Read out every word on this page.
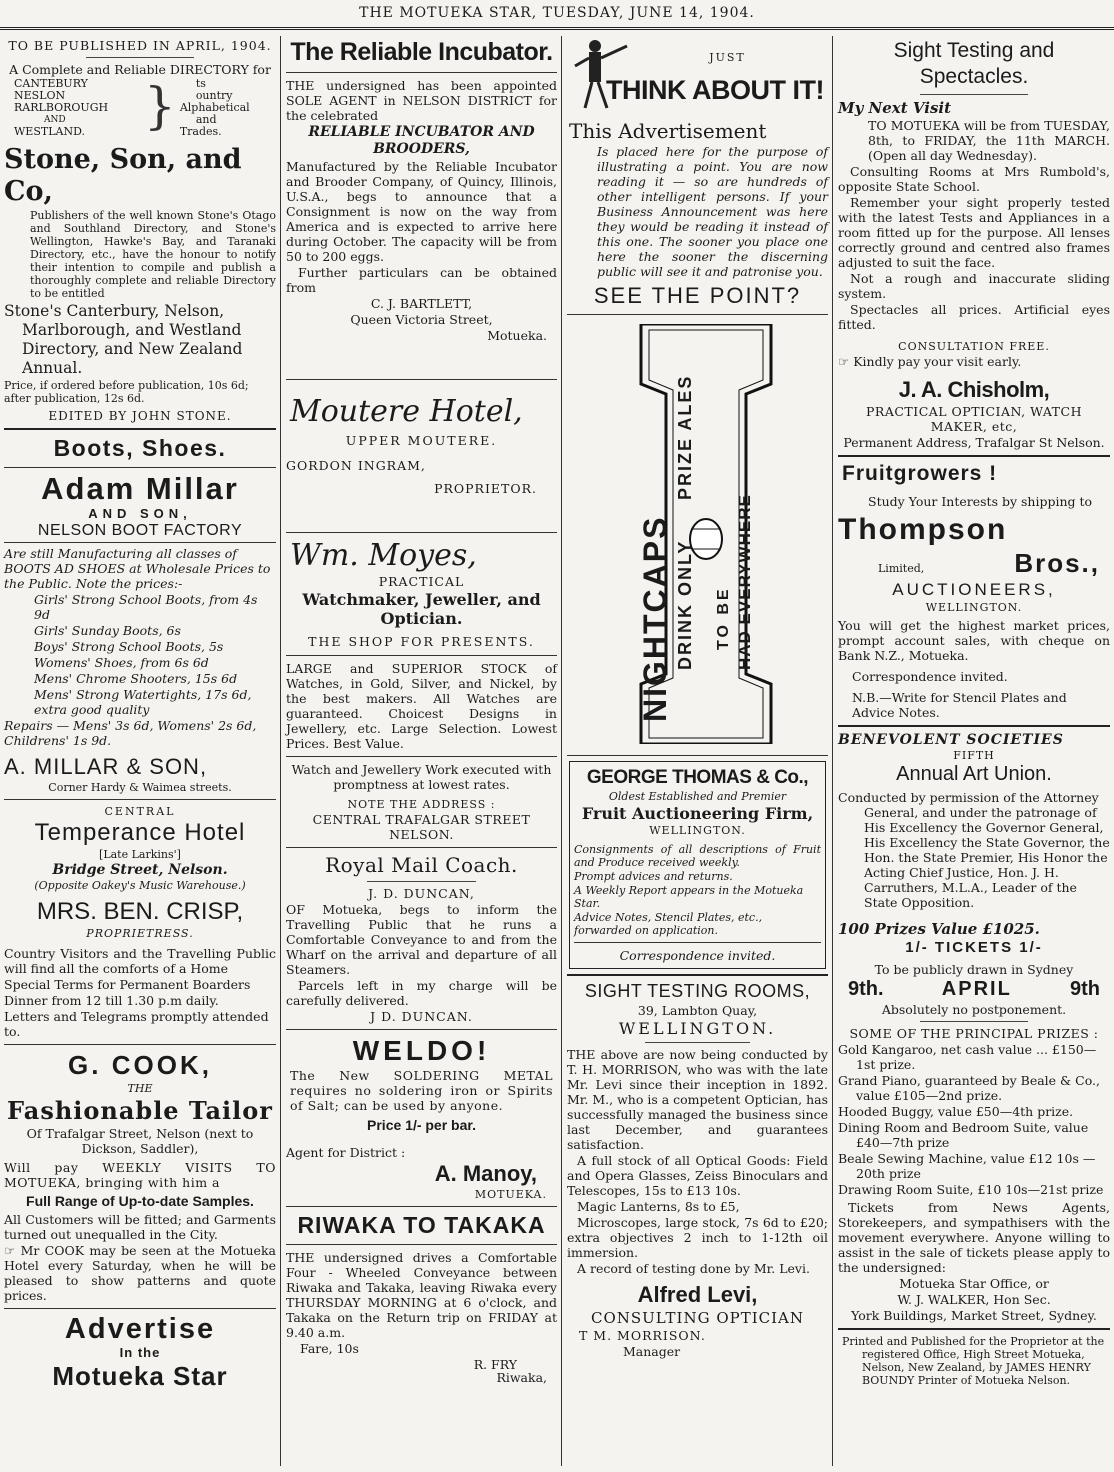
THE MOTUEKA STAR, TUESDAY, JUNE 14, 1904.

TO BE PUBLISHED IN APRIL, 1904.

A Complete and Reliable DIRECTORY for

CANTEBURY
NESLON
RARLBOROUGH
AND
WESTLAND.	}	ts
ountry
Alphabetical
and
Trades.

Stone, Son, and Co,

Publishers of the well known Stone's Otago and Southland Directory, and Stone's Wellington, Hawke's Bay, and Taranaki Directory, etc., have the honour to notify their intention to compile and publish a thoroughly complete and reliable Directory to be entitled

Stone's Canterbury, Nelson, Marlborough, and Westland Directory, and New Zealand Annual.

Price, if ordered before publication, 10s 6d; after publication, 12s 6d.

EDITED BY JOHN STONE.

Boots, Shoes.

Adam Millar

AND SON,

NELSON BOOT FACTORY

Are still Manufacturing all classes of BOOTS AD SHOES at Wholesale Prices to the Public. Note the prices:-

Girls' Strong School Boots, from 4s 9d

Girls' Sunday Boots, 6s

Boys' Strong School Boots, 5s

Womens' Shoes, from 6s 6d

Mens' Chrome Shooters, 15s 6d

Mens' Strong Watertights, 17s 6d, extra good quality

Repairs — Mens' 3s 6d, Womens' 2s 6d, Childrens' 1s 9d.

A. MILLAR & SON,

Corner Hardy & Waimea streets.

CENTRAL

Temperance Hotel

[Late Larkins']

Bridge Street, Nelson.

(Opposite Oakey's Music Warehouse.)

MRS. BEN. CRISP,

PROPRIETRESS.

Country Visitors and the Travelling Public will find all the comforts of a Home

Special Terms for Permanent Boarders

Dinner from 12 till 1.30 p.m daily.

Letters and Telegrams promptly attended to.

G. COOK,

THE

Fashionable Tailor

Of Trafalgar Street, Nelson (next to Dickson, Saddler),

Will pay WEEKLY VISITS TO MOTUEKA, bringing with him a

Full Range of Up-to-date Samples.

All Customers will be fitted; and Garments turned out unequalled in the City.

☞ Mr COOK may be seen at the Motueka Hotel every Saturday, when he will be pleased to show patterns and quote prices.

Advertise

In the

Motueka Star

The Reliable Incubator.

THE undersigned has been appointed SOLE AGENT in NELSON DISTRICT for the celebrated

RELIABLE INCUBATOR AND BROODERS,

Manufactured by the Reliable Incubator and Brooder Company, of Quincy, Illinois, U.S.A., begs to announce that a Consignment is now on the way from America and is expected to arrive here during October. The capacity will be from 50 to 200 eggs.

Further particulars can be obtained from

C. J. BARTLETT,

Queen Victoria Street,

Motueka.

Moutere Hotel,

UPPER MOUTERE.

GORDON INGRAM,

PROPRIETOR.

Wm. Moyes,

PRACTICAL

Watchmaker, Jeweller, and Optician.

THE SHOP FOR PRESENTS.

LARGE and SUPERIOR STOCK of Watches, in Gold, Silver, and Nickel, by the best makers. All Watches are guaranteed. Choicest Designs in Jewellery, etc. Large Selection. Lowest Prices. Best Value.

Watch and Jewellery Work executed with promptness at lowest rates.

NOTE THE ADDRESS :

CENTRAL TRAFALGAR STREET NELSON.

Royal Mail Coach.

J. D. DUNCAN,

OF Motueka, begs to inform the Travelling Public that he runs a Comfortable Conveyance to and from the Wharf on the arrival and departure of all Steamers.

Parcels left in my charge will be carefully delivered.

J D. DUNCAN.

WELDO!

The New SOLDERING METAL requires no soldering iron or Spirits of Salt; can be used by anyone.

Price 1/- per bar.

Agent for District :

A. Manoy,

MOTUEKA.

RIWAKA TO TAKAKA

THE undersigned drives a Comfortable Four - Wheeled Conveyance between Riwaka and Takaka, leaving Riwaka every THURSDAY MORNING at 6 o'clock, and Takaka on the Return trip on FRIDAY at 9.40 a.m.

Fare, 10s

R. FRY

Riwaka,

JUST

THINK ABOUT IT!

This Advertisement

Is placed here for the purpose of illustrating a point. You are now reading it — so are hundreds of other intelligent persons. If your Business Announcement was here they would be reading it instead of this one. The sooner you place one here the sooner the discerning public will see it and patronise you.

SEE THE POINT?

NIGHTCAPS DRINK ONLY
PRIZE ALES
TO BE HAD EVERYWHERE

GEORGE THOMAS & Co.,

Oldest Established and Premier

Fruit Auctioneering Firm,

WELLINGTON.

Consignments of all descriptions of Fruit and Produce received weekly.

Prompt advices and returns.

A Weekly Report appears in the Motueka Star.

Advice Notes, Stencil Plates, etc., forwarded on application.

Correspondence invited.

SIGHT TESTING ROOMS,

39, Lambton Quay,

WELLINGTON.

THE above are now being conducted by T. H. MORRISON, who was with the late Mr. Levi since their inception in 1892. Mr. M., who is a competent Optician, has successfully managed the business since last December, and guarantees satisfaction.

A full stock of all Optical Goods: Field and Opera Glasses, Zeiss Binoculars and Telescopes, 15s to £13 10s.

Magic Lanterns, 8s to £5,

Microscopes, large stock, 7s 6d to £20; extra objectives 2 inch to 1-12th oil immersion.

A record of testing done by Mr. Levi.

Alfred Levi,

CONSULTING OPTICIAN

T M. MORRISON.

Manager

Sight Testing and Spectacles.

My Next Visit

TO MOTUEKA will be from TUESDAY, 8th, to FRIDAY, the 11th MARCH. (Open all day Wednesday).

Consulting Rooms at Mrs Rumbold's, opposite State School.

Remember your sight properly tested with the latest Tests and Appliances in a room fitted up for the purpose. All lenses correctly ground and centred also frames adjusted to suit the face.

Not a rough and inaccurate sliding system.

Spectacles all prices. Artificial eyes fitted.

CONSULTATION FREE.

☞ Kindly pay your visit early.

J. A. Chisholm,

PRACTICAL OPTICIAN, WATCH MAKER, etc,

Permanent Address, Trafalgar St Nelson.

Fruitgrowers !

Study Your Interests by shipping to

Thompson

Limited,	Bros.,

AUCTIONEERS,

WELLINGTON.

You will get the highest market prices, prompt account sales, with cheque on Bank N.Z., Motueka.

Correspondence invited.

N.B.—Write for Stencil Plates and Advice Notes.

BENEVOLENT SOCIETIES

FIFTH

Annual Art Union.

Conducted by permission of the Attorney General, and under the patronage of His Excellency the Governor General, His Excellency the State Governor, the Hon. the State Premier, His Honor the Acting Chief Justice, Hon. J. H. Carruthers, M.L.A., Leader of the State Opposition.

100 Prizes Value £1025.

1/- TICKETS 1/-

To be publicly drawn in Sydney

9th.	APRIL	9th

Absolutely no postponement.

SOME OF THE PRINCIPAL PRIZES :

Gold Kangaroo, net cash value ... £150—1st prize.

Grand Piano, guaranteed by Beale & Co., value £105—2nd prize.

Hooded Buggy, value £50—4th prize.

Dining Room and Bedroom Suite, value £40—7th prize

Beale Sewing Machine, value £12 10s —20th prize

Drawing Room Suite, £10 10s—21st prize

Tickets from News Agents, Storekeepers, and sympathisers with the movement everywhere. Anyone willing to assist in the sale of tickets please apply to the undersigned:

Motueka Star Office, or

W. J. WALKER, Hon Sec.

York Buildings, Market Street, Sydney.

Printed and Published for the Proprietor at the registered Office, High Street Motueka, Nelson, New Zealand, by JAMES HENRY BOUNDY Printer of Motueka Nelson.
